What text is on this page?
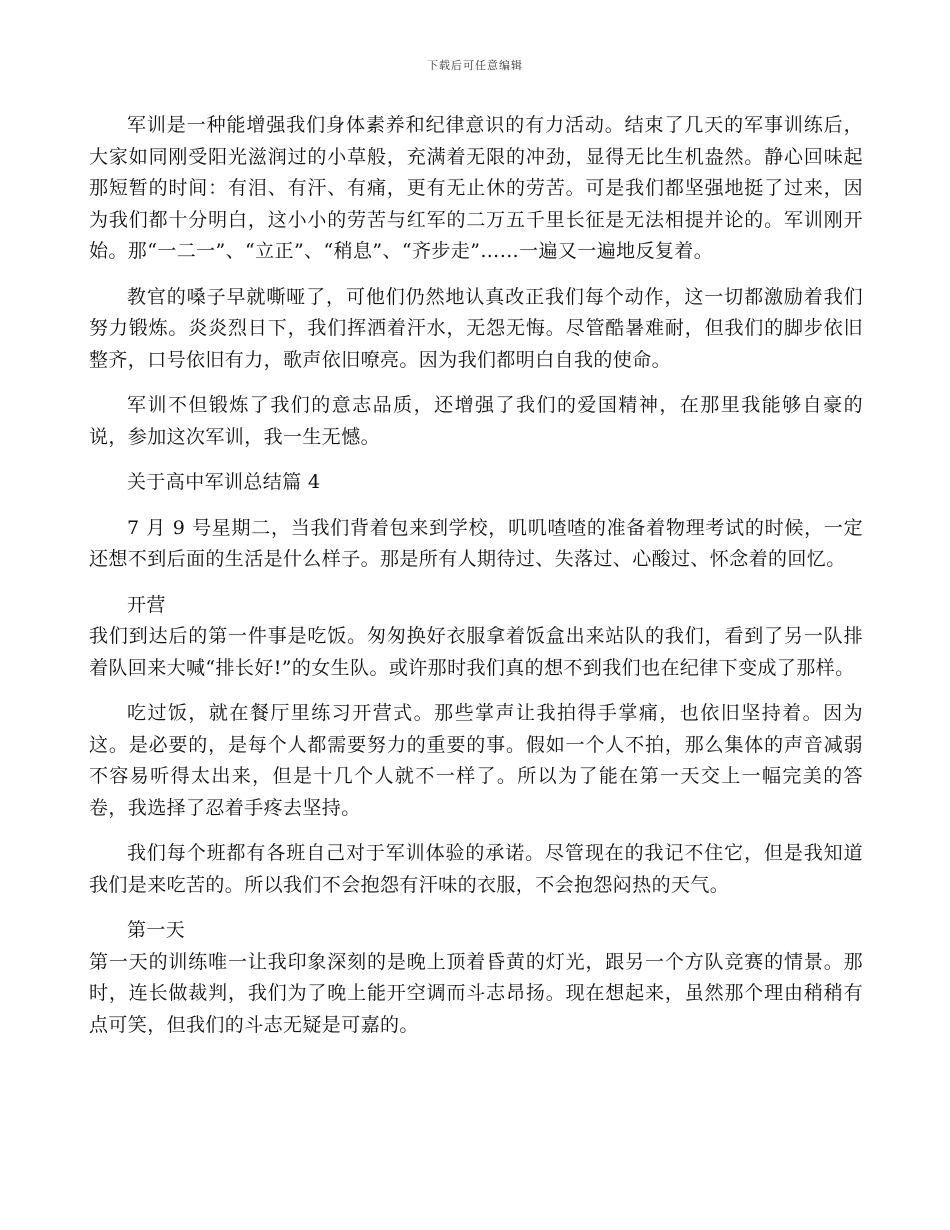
下载后可任意编辑

军训是一种能增强我们身体素养和纪律意识的有力活动。结束了几天的军事训练后，大家如同刚受阳光滋润过的小草般，充满着无限的冲劲，显得无比生机盎然。静心回味起那短暂的时间：有泪、有汗、有痛，更有无止休的劳苦。可是我们都坚强地挺了过来，因为我们都十分明白，这小小的劳苦与红军的二万五千里长征是无法相提并论的。军训刚开始。那“一二一”、“立正”、“稍息”、“齐步走”……一遍又一遍地反复着。

教官的嗓子早就嘶哑了，可他们仍然地认真改正我们每个动作，这一切都激励着我们努力锻炼。炎炎烈日下，我们挥洒着汗水，无怨无悔。尽管酷暑难耐，但我们的脚步依旧整齐，口号依旧有力，歌声依旧嘹亮。因为我们都明白自我的使命。

军训不但锻炼了我们的意志品质，还增强了我们的爱国精神，在那里我能够自豪的说，参加这次军训，我一生无憾。

关于高中军训总结篇 4

7 月 9 号星期二，当我们背着包来到学校，叽叽喳喳的准备着物理考试的时候，一定还想不到后面的生活是什么样子。那是所有人期待过、失落过、心酸过、怀念着的回忆。

开营

我们到达后的第一件事是吃饭。匆匆换好衣服拿着饭盒出来站队的我们，看到了另一队排着队回来大喊“排长好!”的女生队。或许那时我们真的想不到我们也在纪律下变成了那样。

吃过饭，就在餐厅里练习开营式。那些掌声让我拍得手掌痛，也依旧坚持着。因为这。是必要的，是每个人都需要努力的重要的事。假如一个人不拍，那么集体的声音减弱不容易听得太出来，但是十几个人就不一样了。所以为了能在第一天交上一幅完美的答卷，我选择了忍着手疼去坚持。

我们每个班都有各班自己对于军训体验的承诺。尽管现在的我记不住它，但是我知道我们是来吃苦的。所以我们不会抱怨有汗味的衣服，不会抱怨闷热的天气。

第一天

第一天的训练唯一让我印象深刻的是晚上顶着昏黄的灯光，跟另一个方队竞赛的情景。那时，连长做裁判，我们为了晚上能开空调而斗志昂扬。现在想起来，虽然那个理由稍稍有点可笑，但我们的斗志无疑是可嘉的。
